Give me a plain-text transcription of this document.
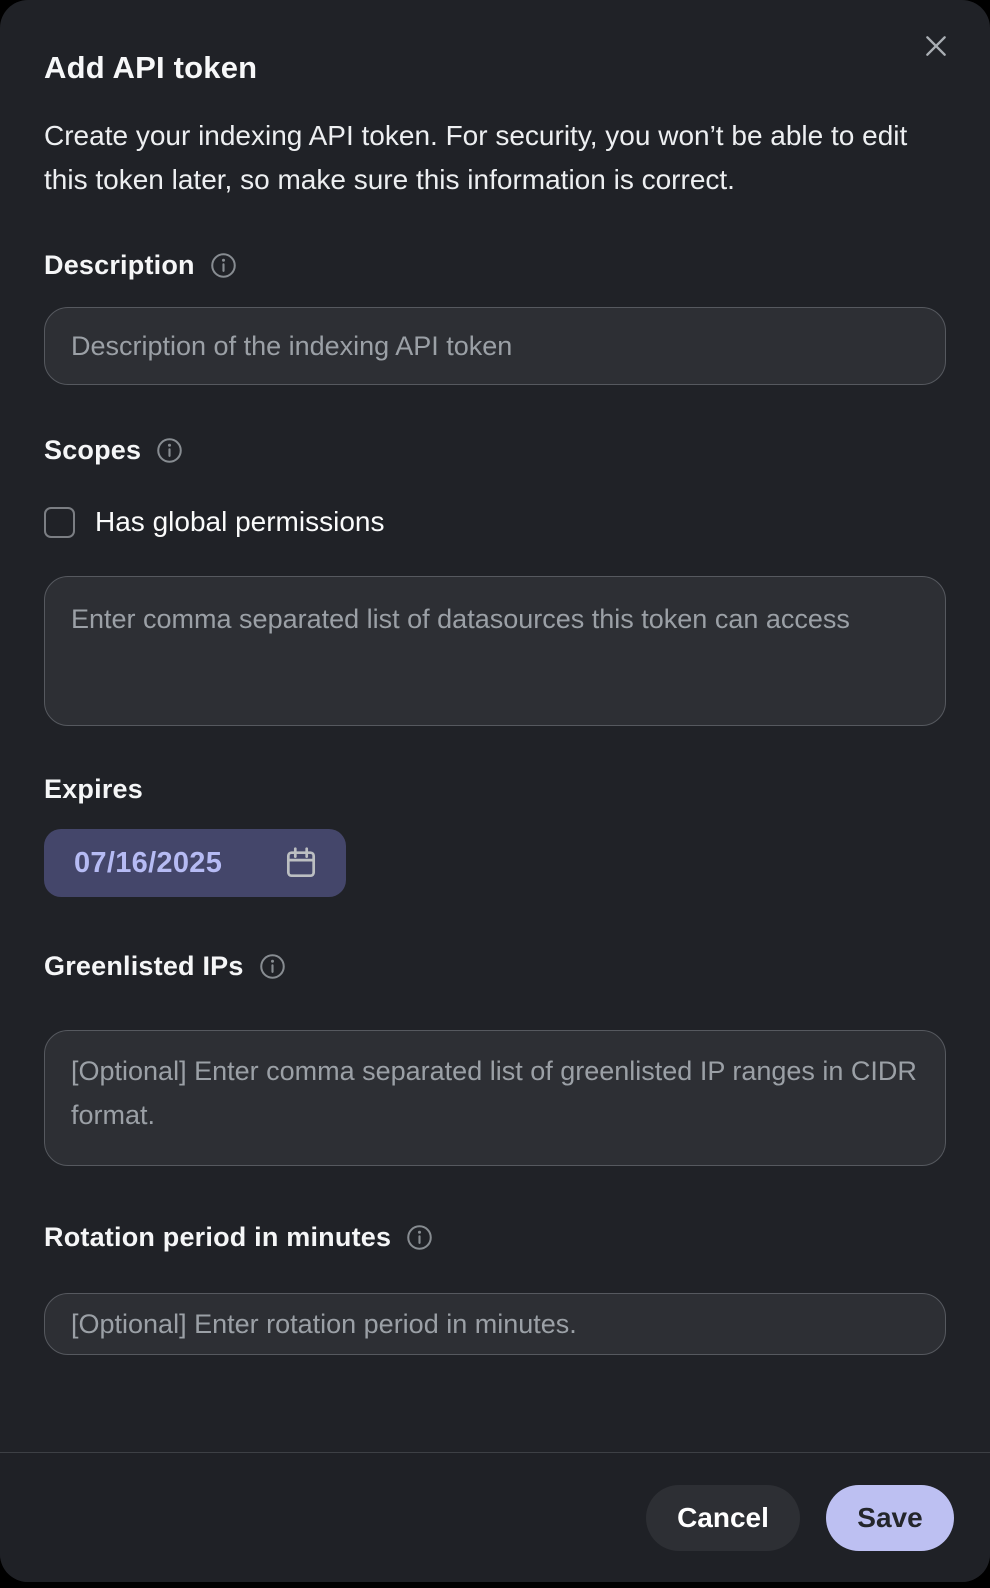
Add API token

Create your indexing API token. For security, you won’t be able to edit this token later, so make sure this information is correct.

Description
Description of the indexing API token
Scopes
Has global permissions
Enter comma separated list of datasources this token can access
Expires
07/16/2025
Greenlisted IPs
[Optional] Enter comma separated list of greenlisted IP ranges in CIDR format.
Rotation period in minutes
[Optional] Enter rotation period in minutes.
Cancel	Save
